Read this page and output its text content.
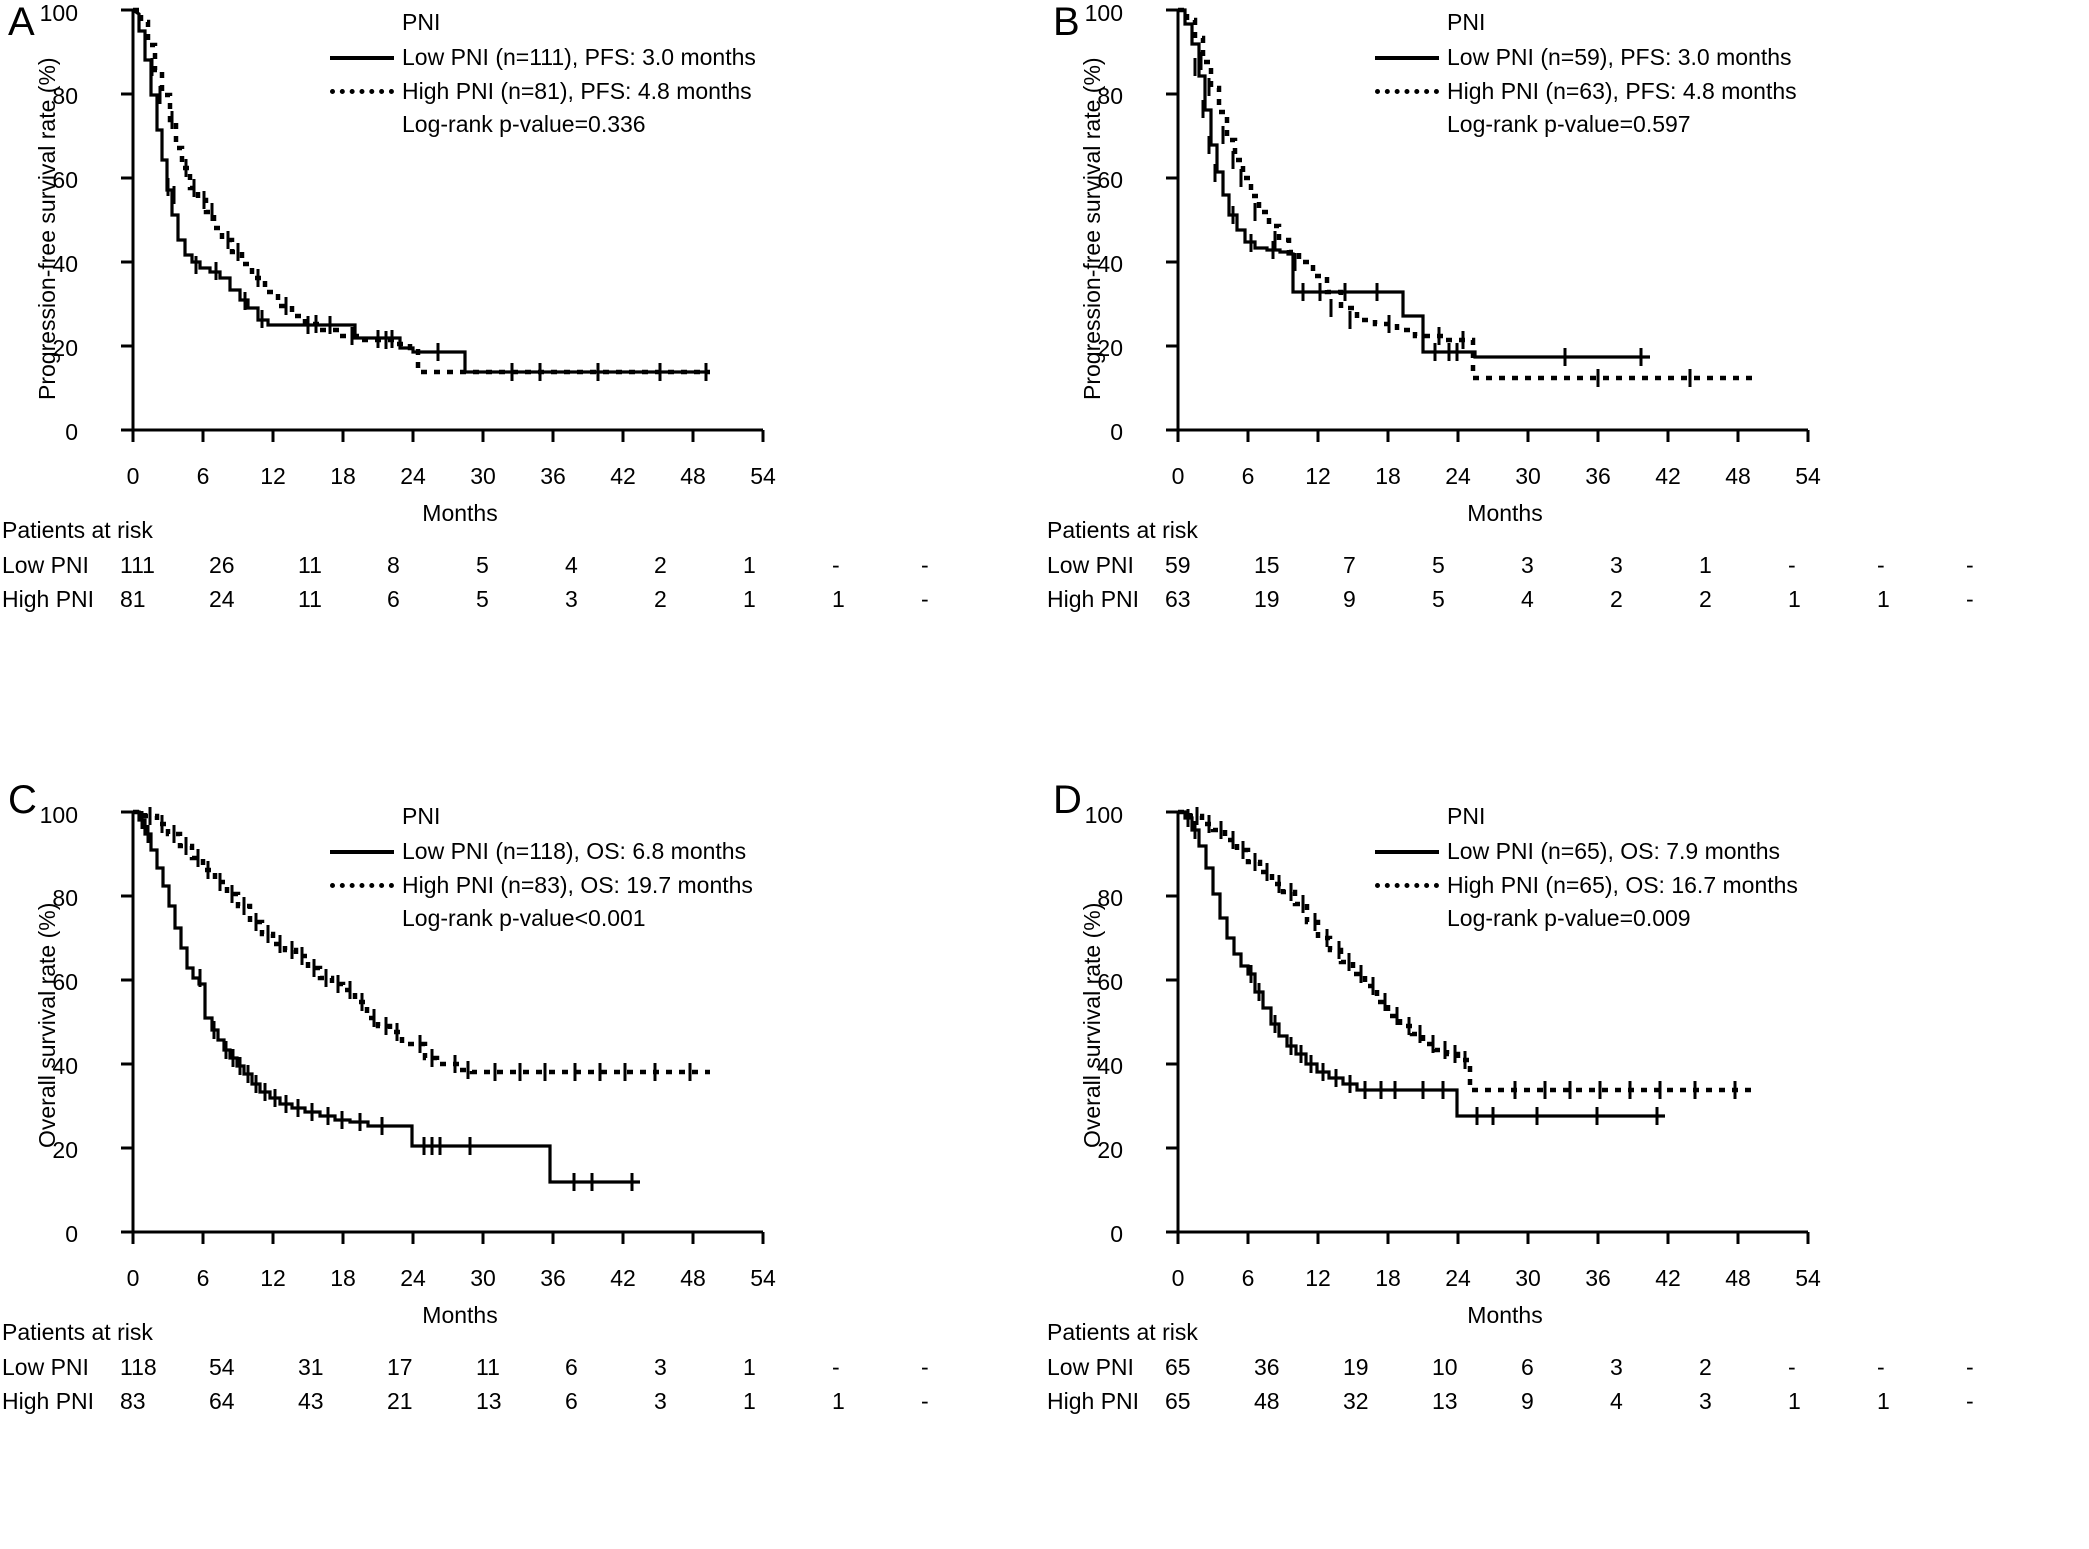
A
Progression-free survival rate (%)
100
80
60
40
20
0
0	6	12	18	24	30	36	42	48	54
Months
PNI
Low PNI (n=111), PFS: 3.0 months
High PNI (n=81), PFS: 4.8 months
Log-rank p-value=0.336
Patients at risk
Low PNI	111	26	11	8	5	4	2	1	-	-
High PNI	81	24	11	6	5	3	2	1	1	-
B
Progression-free survival rate (%)
100
80
60
40
20
0
0	6	12	18	24	30	36	42	48	54
Months
PNI
Low PNI (n=59), PFS: 3.0 months
High PNI (n=63), PFS: 4.8 months
Log-rank p-value=0.597
Patients at risk
Low PNI	59	15	7	5	3	3	1	-	-	-
High PNI	63	19	9	5	4	2	2	1	1	-
C
Overall survival rate (%)
100
80
60
40
20
0
0	6	12	18	24	30	36	42	48	54
Months
PNI
Low PNI (n=118), OS: 6.8 months
High PNI (n=83), OS: 19.7 months
Log-rank p-value<0.001
Patients at risk
Low PNI	118	54	31	17	11	6	3	1	-	-
High PNI	83	64	43	21	13	6	3	1	1	-
D
Overall survival rate (%)
100
80
60
40
20
0
0	6	12	18	24	30	36	42	48	54
Months
PNI
Low PNI (n=65), OS: 7.9 months
High PNI (n=65), OS: 16.7 months
Log-rank p-value=0.009
Patients at risk
Low PNI	65	36	19	10	6	3	2	-	-	-
High PNI	65	48	32	13	9	4	3	1	1	-
